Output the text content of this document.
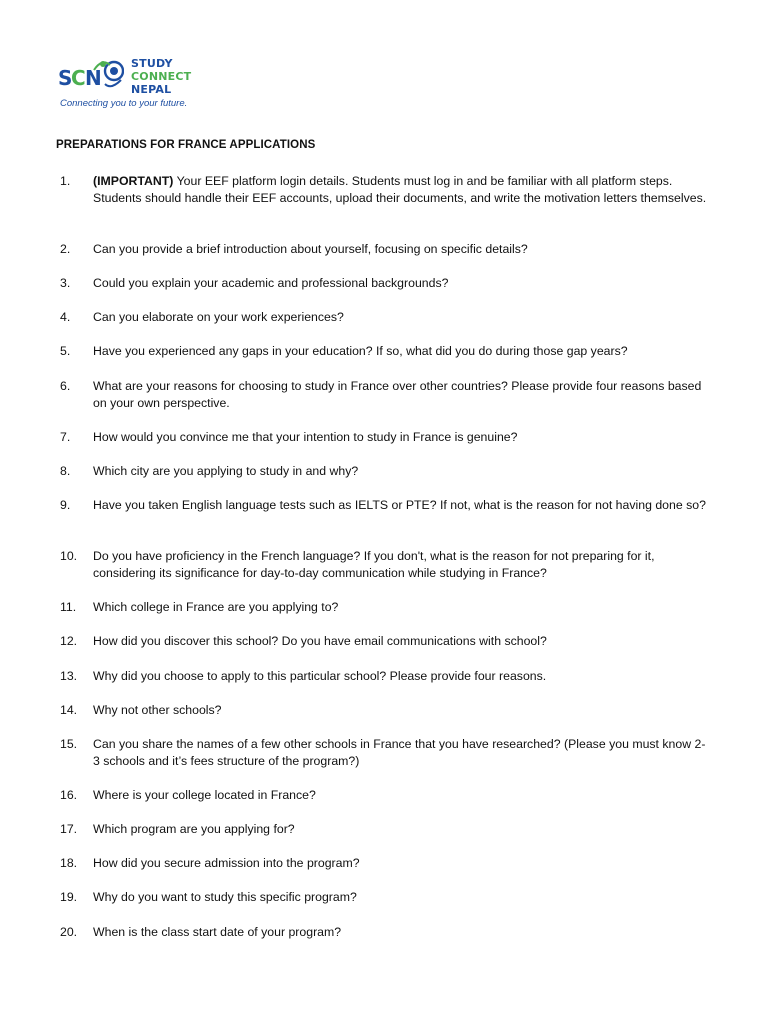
S
C N
STUDY
CONNECT
NEPAL
Connecting you to your future.
PREPARATIONS FOR FRANCE APPLICATIONS
1.	(IMPORTANT) Your EEF platform login details. Students must log in and be familiar with all platform steps. Students should handle their EEF accounts, upload their documents, and write the motivation letters themselves.
2.	Can you provide a brief introduction about yourself, focusing on specific details?
3.	Could you explain your academic and professional backgrounds?
4.	Can you elaborate on your work experiences?
5.	Have you experienced any gaps in your education? If so, what did you do during those gap years?
6.	What are your reasons for choosing to study in France over other countries? Please provide four reasons based on your own perspective.
7.	How would you convince me that your intention to study in France is genuine?
8.	Which city are you applying to study in and why?
9.	Have you taken English language tests such as IELTS or PTE? If not, what is the reason for not having done so?
10.	Do you have proficiency in the French language? If you don't, what is the reason for not preparing for it, considering its significance for day-to-day communication while studying in France?
11.	Which college in France are you applying to?
12.	How did you discover this school? Do you have email communications with school?
13.	Why did you choose to apply to this particular school? Please provide four reasons.
14.	Why not other schools?
15.	Can you share the names of a few other schools in France that you have researched? (Please you must know 2-3 schools and it’s fees structure of the program?)
16.	Where is your college located in France?
17.	Which program are you applying for?
18.	How did you secure admission into the program?
19.	Why do you want to study this specific program?
20.	When is the class start date of your program?
